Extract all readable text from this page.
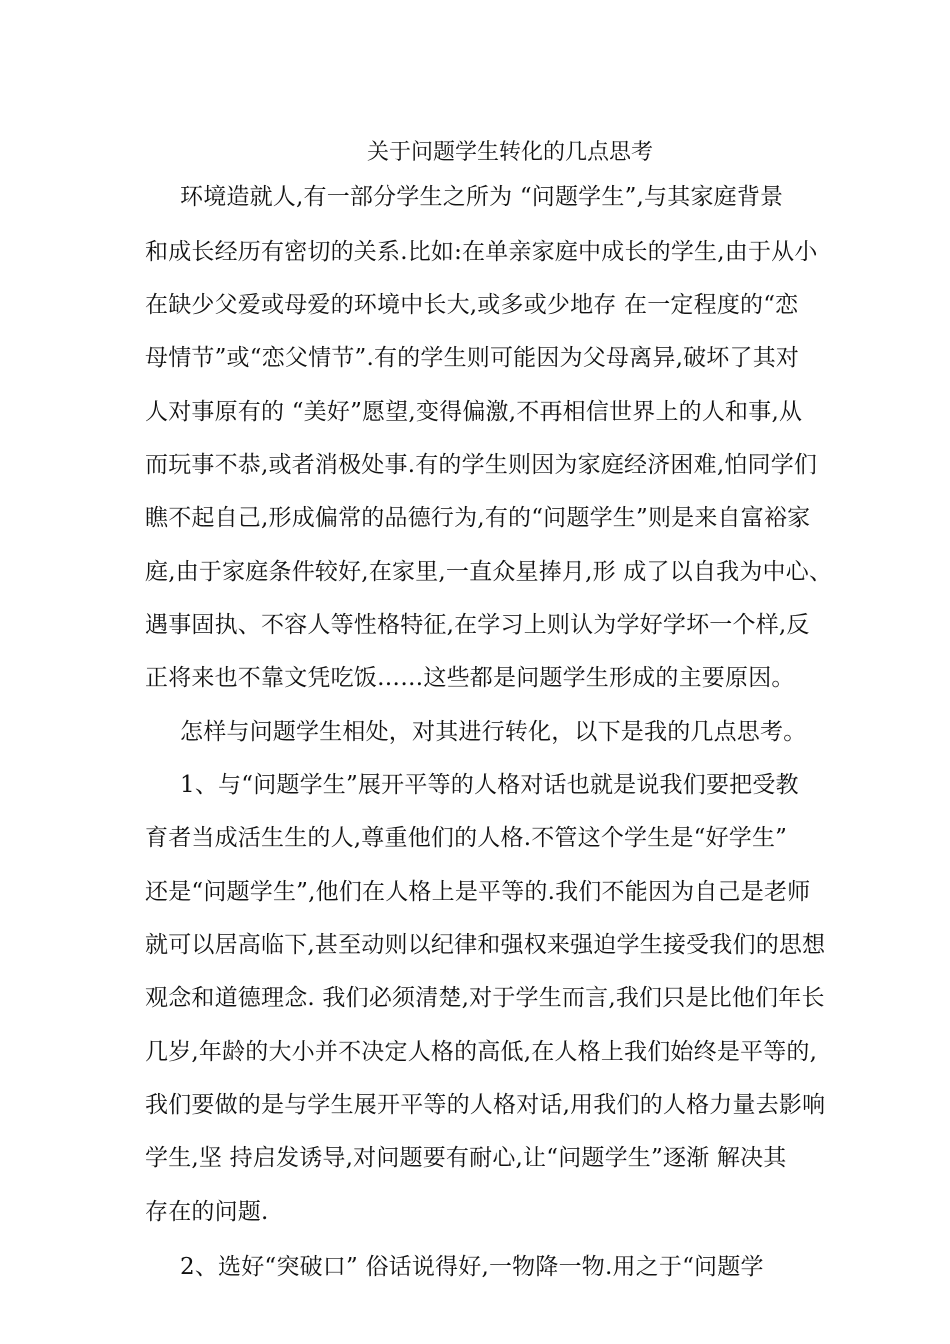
关于问题学生转化的几点思考
环境造就人,有一部分学生之所为 “问题学生”,与其家庭背景
和成长经历有密切的关系.比如:在单亲家庭中成长的学生,由于从小
在缺少父爱或母爱的环境中长大,或多或少地存 在一定程度的“恋
母情节”或“恋父情节”.有的学生则可能因为父母离异,破坏了其对
人对事原有的 “美好”愿望,变得偏激,不再相信世界上的人和事,从
而玩事不恭,或者消极处事.有的学生则因为家庭经济困难,怕同学们
瞧不起自己,形成偏常的品德行为,有的“问题学生”则是来自富裕家
庭,由于家庭条件较好,在家里,一直众星捧月,形 成了以自我为中心、
遇事固执、不容人等性格特征,在学习上则认为学好学坏一个样,反
正将来也不靠文凭吃饭……这些都是问题学生形成的主要原因。
怎样与问题学生相处，对其进行转化，以下是我的几点思考。
1、与“问题学生”展开平等的人格对话也就是说我们要把受教
育者当成活生生的人,尊重他们的人格.不管这个学生是“好学生”
还是“问题学生”,他们在人格上是平等的.我们不能因为自己是老师
就可以居高临下,甚至动则以纪律和强权来强迫学生接受我们的思想
观念和道德理念. 我们必须清楚,对于学生而言,我们只是比他们年长
几岁,年龄的大小并不决定人格的高低,在人格上我们始终是平等的,
我们要做的是与学生展开平等的人格对话,用我们的人格力量去影响
学生,坚 持启发诱导,对问题要有耐心,让“问题学生”逐渐 解决其
存在的问题.
2、选好“突破口” 俗话说得好,一物降一物.用之于“问题学
